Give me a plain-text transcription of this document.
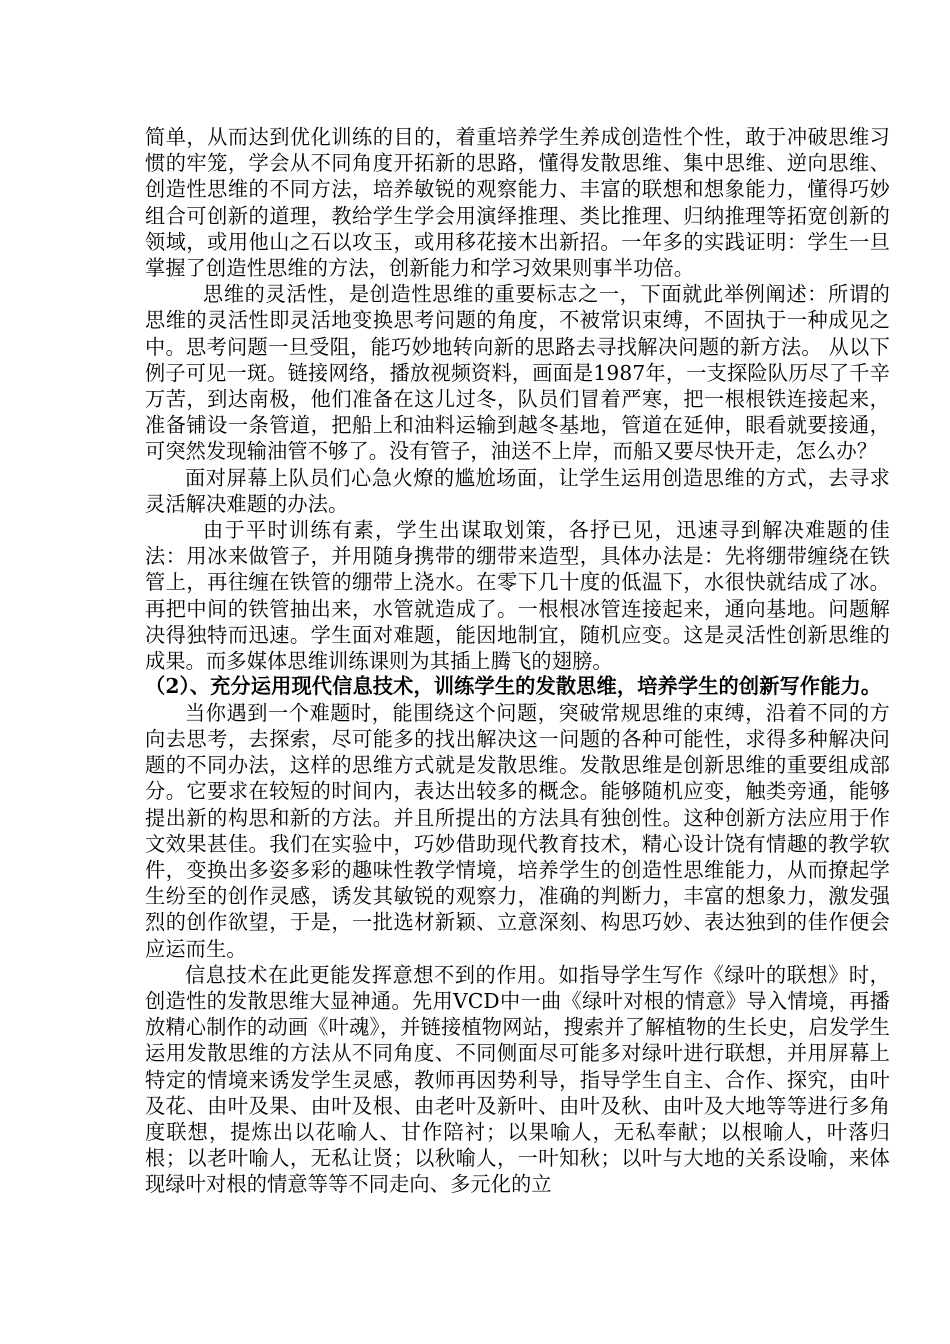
简单，从而达到优化训练的目的，着重培养学生养成创造性个性，敢于冲破思维习惯的牢笼，学会从不同角度开拓新的思路，懂得发散思维、集中思维、逆向思维、创造性思维的不同方法，培养敏锐的观察能力、丰富的联想和想象能力，懂得巧妙组合可创新的道理，教给学生学会用演绎推理、类比推理、归纳推理等拓宽创新的领域，或用他山之石以攻玉，或用移花接木出新招。一年多的实践证明：学生一旦掌握了创造性思维的方法，创新能力和学习效果则事半功倍。

思维的灵活性，是创造性思维的重要标志之一，下面就此举例阐述：所谓的思维的灵活性即灵活地变换思考问题的角度，不被常识束缚，不固执于一种成见之中。思考问题一旦受阻，能巧妙地转向新的思路去寻找解决问题的新方法。 从以下例子可见一斑。链接网络，播放视频资料，画面是1987年，一支探险队历尽了千辛万苦，到达南极，他们准备在这儿过冬，队员们冒着严寒，把一根根铁连接起来，准备铺设一条管道，把船上和油料运输到越冬基地，管道在延伸，眼看就要接通，可突然发现输油管不够了。没有管子，油送不上岸，而船又要尽快开走，怎么办？

面对屏幕上队员们心急火燎的尴尬场面，让学生运用创造思维的方式，去寻求灵活解决难题的办法。

由于平时训练有素，学生出谋取划策，各抒已见，迅速寻到解决难题的佳法：用冰来做管子，并用随身携带的绷带来造型，具体办法是：先将绷带缠绕在铁管上，再往缠在铁管的绷带上浇水。在零下几十度的低温下，水很快就结成了冰。再把中间的铁管抽出来，水管就造成了。一根根冰管连接起来，通向基地。问题解决得独特而迅速。学生面对难题，能因地制宜，随机应变。这是灵活性创新思维的成果。而多媒体思维训练课则为其插上腾飞的翅膀。

（2）、充分运用现代信息技术，训练学生的发散思维，培养学生的创新写作能力。

当你遇到一个难题时，能围绕这个问题，突破常规思维的束缚，沿着不同的方向去思考，去探索，尽可能多的找出解决这一问题的各种可能性，求得多种解决问题的不同办法，这样的思维方式就是发散思维。发散思维是创新思维的重要组成部分。它要求在较短的时间内，表达出较多的概念。能够随机应变，触类旁通，能够提出新的构思和新的方法。并且所提出的方法具有独创性。这种创新方法应用于作文效果甚佳。我们在实验中，巧妙借助现代教育技术，精心设计饶有情趣的教学软件，变换出多姿多彩的趣味性教学情境，培养学生的创造性思维能力，从而撩起学生纷至的创作灵感，诱发其敏锐的观察力，准确的判断力，丰富的想象力，激发强烈的创作欲望，于是，一批选材新颖、立意深刻、构思巧妙、表达独到的佳作便会应运而生。

信息技术在此更能发挥意想不到的作用。如指导学生写作《绿叶的联想》时，创造性的发散思维大显神通。先用VCD中一曲《绿叶对根的情意》导入情境，再播放精心制作的动画《叶魂》，并链接植物网站，搜索并了解植物的生长史，启发学生运用发散思维的方法从不同角度、不同侧面尽可能多对绿叶进行联想，并用屏幕上特定的情境来诱发学生灵感，教师再因势利导，指导学生自主、合作、探究，由叶及花、由叶及果、由叶及根、由老叶及新叶、由叶及秋、由叶及大地等等进行多角度联想，提炼出以花喻人、甘作陪衬；以果喻人，无私奉献；以根喻人，叶落归根；以老叶喻人，无私让贤；以秋喻人，一叶知秋；以叶与大地的关系设喻，来体现绿叶对根的情意等等不同走向、多元化的立
